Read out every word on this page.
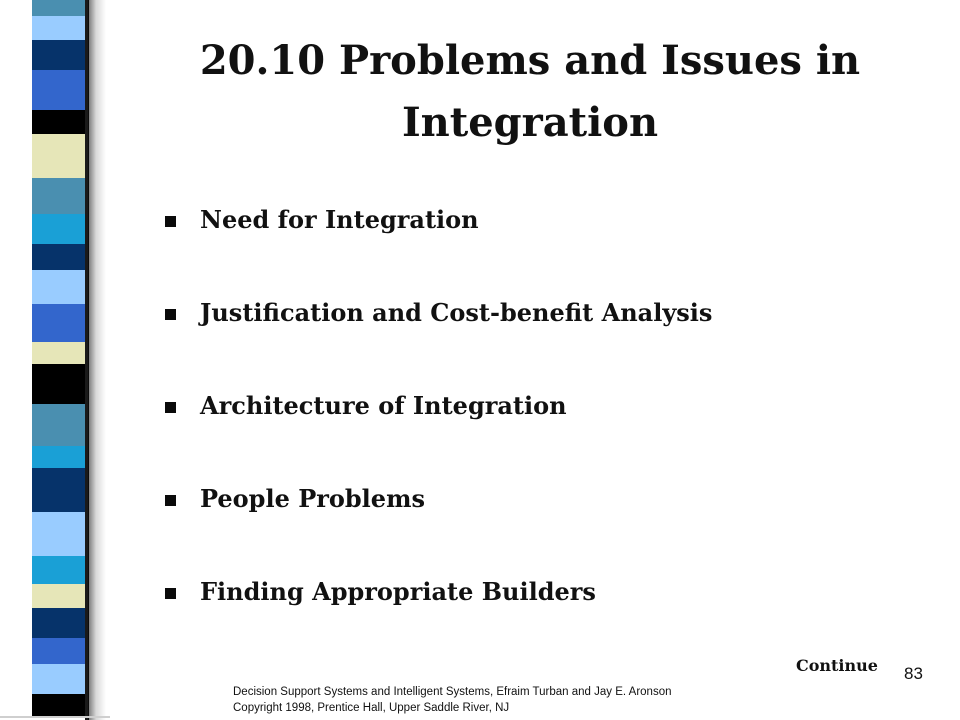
20.10 Problems and Issues in Integration
Need for Integration
Justification and Cost-benefit Analysis
Architecture of Integration
People Problems
Finding Appropriate Builders
Continue 83
Decision Support Systems and Intelligent Systems, Efraim Turban and Jay E. Aronson
Copyright 1998, Prentice Hall, Upper Saddle River, NJ
